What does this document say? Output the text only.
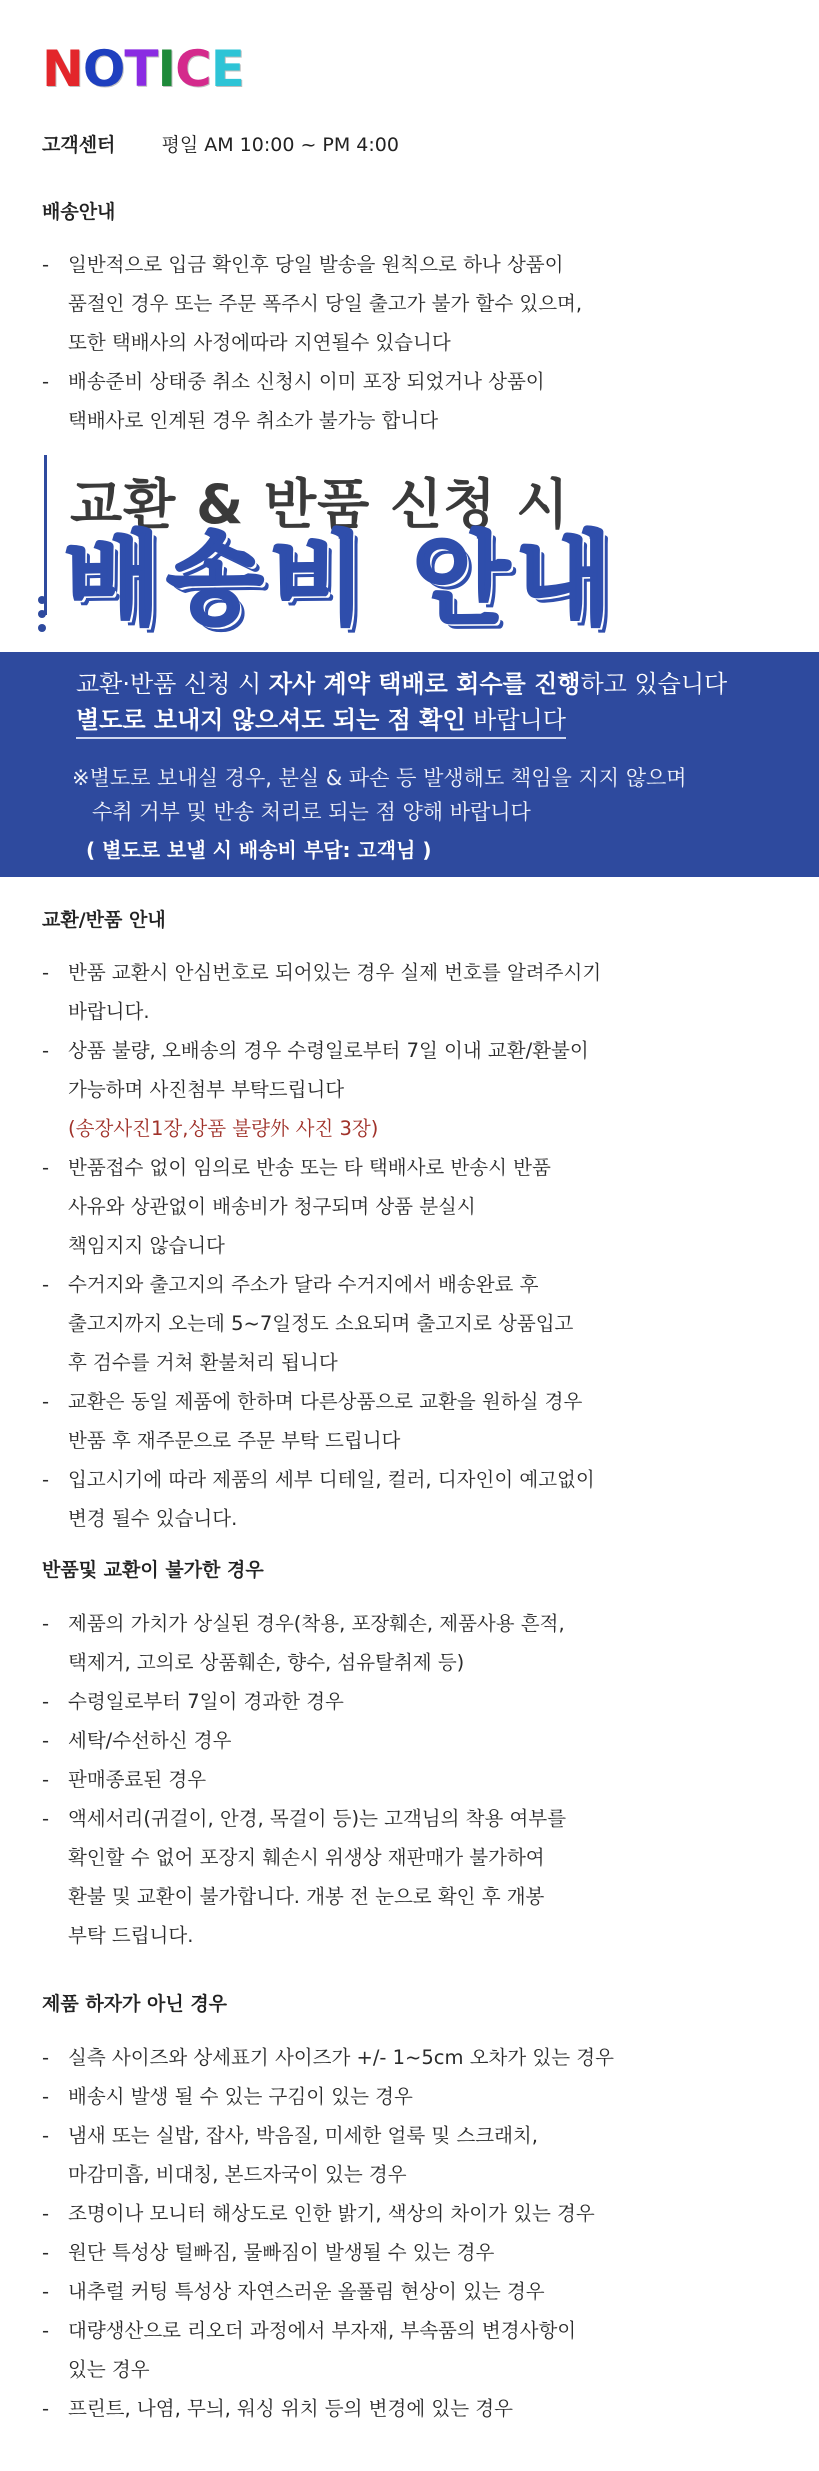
NOTICE
고객센터 평일 AM 10:00 ~ PM 4:00
배송안내
- 일반적으로 입금 확인후 당일 발송을 원칙으로 하나 상품이
품절인 경우 또는 주문 폭주시 당일 출고가 불가 할수 있으며,
또한 택배사의 사정에따라 지연될수 있습니다
- 배송준비 상태중 취소 신청시 이미 포장 되었거나 상품이
택배사로 인계된 경우 취소가 불가능 합니다
교환 & 반품 신청 시
배송비 안내
교환·반품 신청 시 자사 계약 택배로 회수를 진행하고 있습니다
별도로 보내지 않으셔도 되는 점 확인 바랍니다
※별도로 보내실 경우, 분실 & 파손 등 발생해도 책임을 지지 않으며
수취 거부 및 반송 처리로 되는 점 양해 바랍니다
( 별도로 보낼 시 배송비 부담: 고객님 )
교환/반품 안내
- 반품 교환시 안심번호로 되어있는 경우 실제 번호를 알려주시기
바랍니다.
- 상품 불량, 오배송의 경우 수령일로부터 7일 이내 교환/환불이
가능하며 사진첨부 부탁드립니다
(송장사진1장,상품 불량外 사진 3장)
- 반품접수 없이 임의로 반송 또는 타 택배사로 반송시 반품
사유와 상관없이 배송비가 청구되며 상품 분실시
책임지지 않습니다
- 수거지와 출고지의 주소가 달라 수거지에서 배송완료 후
출고지까지 오는데 5~7일정도 소요되며 출고지로 상품입고
후 검수를 거쳐 환불처리 됩니다
- 교환은 동일 제품에 한하며 다른상품으로 교환을 원하실 경우
반품 후 재주문으로 주문 부탁 드립니다
- 입고시기에 따라 제품의 세부 디테일, 컬러, 디자인이 예고없이
변경 될수 있습니다.
반품및 교환이 불가한 경우
- 제품의 가치가 상실된 경우(착용, 포장훼손, 제품사용 흔적,
택제거, 고의로 상품훼손, 향수, 섬유탈취제 등)
- 수령일로부터 7일이 경과한 경우
- 세탁/수선하신 경우
- 판매종료된 경우
- 액세서리(귀걸이, 안경, 목걸이 등)는 고객님의 착용 여부를
확인할 수 없어 포장지 훼손시 위생상 재판매가 불가하여
환불 및 교환이 불가합니다. 개봉 전 눈으로 확인 후 개봉
부탁 드립니다.
제품 하자가 아닌 경우
- 실측 사이즈와 상세표기 사이즈가 +/- 1~5cm 오차가 있는 경우
- 배송시 발생 될 수 있는 구김이 있는 경우
- 냄새 또는 실밥, 잡사, 박음질, 미세한 얼룩 및 스크래치,
마감미흡, 비대칭, 본드자국이 있는 경우
- 조명이나 모니터 해상도로 인한 밝기, 색상의 차이가 있는 경우
- 원단 특성상 털빠짐, 물빠짐이 발생될 수 있는 경우
- 내추럴 커팅 특성상 자연스러운 올풀림 현상이 있는 경우
- 대량생산으로 리오더 과정에서 부자재, 부속품의 변경사항이
있는 경우
- 프린트, 나염, 무늬, 워싱 위치 등의 변경에 있는 경우
